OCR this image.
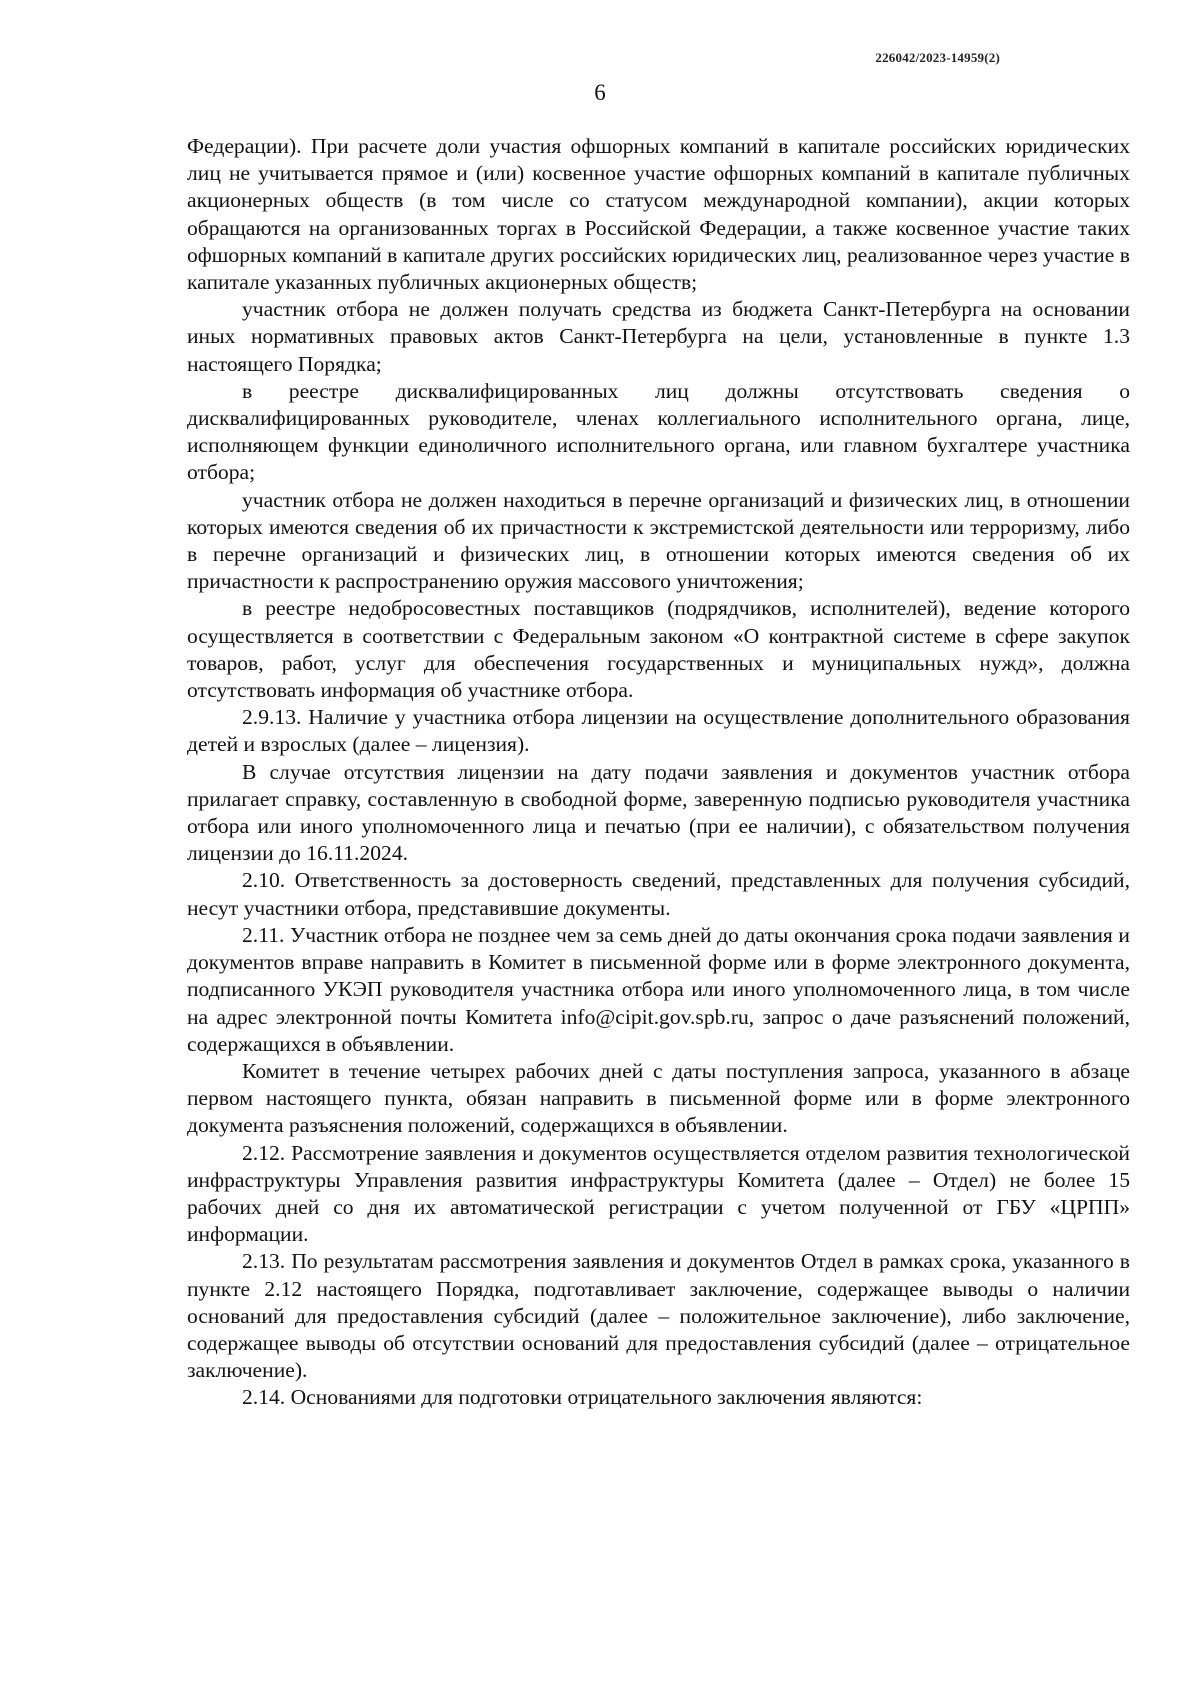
226042/2023-14959(2)
6

Федерации). При расчете доли участия офшорных компаний в капитале российских юридических лиц не учитывается прямое и (или) косвенное участие офшорных компаний в капитале публичных акционерных обществ (в том числе со статусом международной компании), акции которых обращаются на организованных торгах в Российской Федерации, а также косвенное участие таких офшорных компаний в капитале других российских юридических лиц, реализованное через участие в капитале указанных публичных акционерных обществ;

участник отбора не должен получать средства из бюджета Санкт-Петербурга на основании иных нормативных правовых актов Санкт-Петербурга на цели, установленные в пункте 1.3 настоящего Порядка;

в реестре дисквалифицированных лиц должны отсутствовать сведения о дисквалифицированных руководителе, членах коллегиального исполнительного органа, лице, исполняющем функции единоличного исполнительного органа, или главном бухгалтере участника отбора;

участник отбора не должен находиться в перечне организаций и физических лиц, в отношении которых имеются сведения об их причастности к экстремистской деятельности или терроризму, либо в перечне организаций и физических лиц, в отношении которых имеются сведения об их причастности к распространению оружия массового уничтожения;

в реестре недобросовестных поставщиков (подрядчиков, исполнителей), ведение которого осуществляется в соответствии с Федеральным законом «О контрактной системе в сфере закупок товаров, работ, услуг для обеспечения государственных и муниципальных нужд», должна отсутствовать информация об участнике отбора.

2.9.13. Наличие у участника отбора лицензии на осуществление дополнительного образования детей и взрослых (далее – лицензия).

В случае отсутствия лицензии на дату подачи заявления и документов участник отбора прилагает справку, составленную в свободной форме, заверенную подписью руководителя участника отбора или иного уполномоченного лица и печатью (при ее наличии), с обязательством получения лицензии до 16.11.2024.

2.10. Ответственность за достоверность сведений, представленных для получения субсидий, несут участники отбора, представившие документы.

2.11. Участник отбора не позднее чем за семь дней до даты окончания срока подачи заявления и документов вправе направить в Комитет в письменной форме или в форме электронного документа, подписанного УКЭП руководителя участника отбора или иного уполномоченного лица, в том числе на адрес электронной почты Комитета info@cipit.gov.spb.ru, запрос о даче разъяснений положений, содержащихся в объявлении.

Комитет в течение четырех рабочих дней с даты поступления запроса, указанного в абзаце первом настоящего пункта, обязан направить в письменной форме или в форме электронного документа разъяснения положений, содержащихся в объявлении.

2.12. Рассмотрение заявления и документов осуществляется отделом развития технологической инфраструктуры Управления развития инфраструктуры Комитета (далее – Отдел) не более 15 рабочих дней со дня их автоматической регистрации с учетом полученной от ГБУ «ЦРПП» информации.

2.13. По результатам рассмотрения заявления и документов Отдел в рамках срока, указанного в пункте 2.12 настоящего Порядка, подготавливает заключение, содержащее выводы о наличии оснований для предоставления субсидий (далее – положительное заключение), либо заключение, содержащее выводы об отсутствии оснований для предоставления субсидий (далее – отрицательное заключение).

2.14. Основаниями для подготовки отрицательного заключения являются:
